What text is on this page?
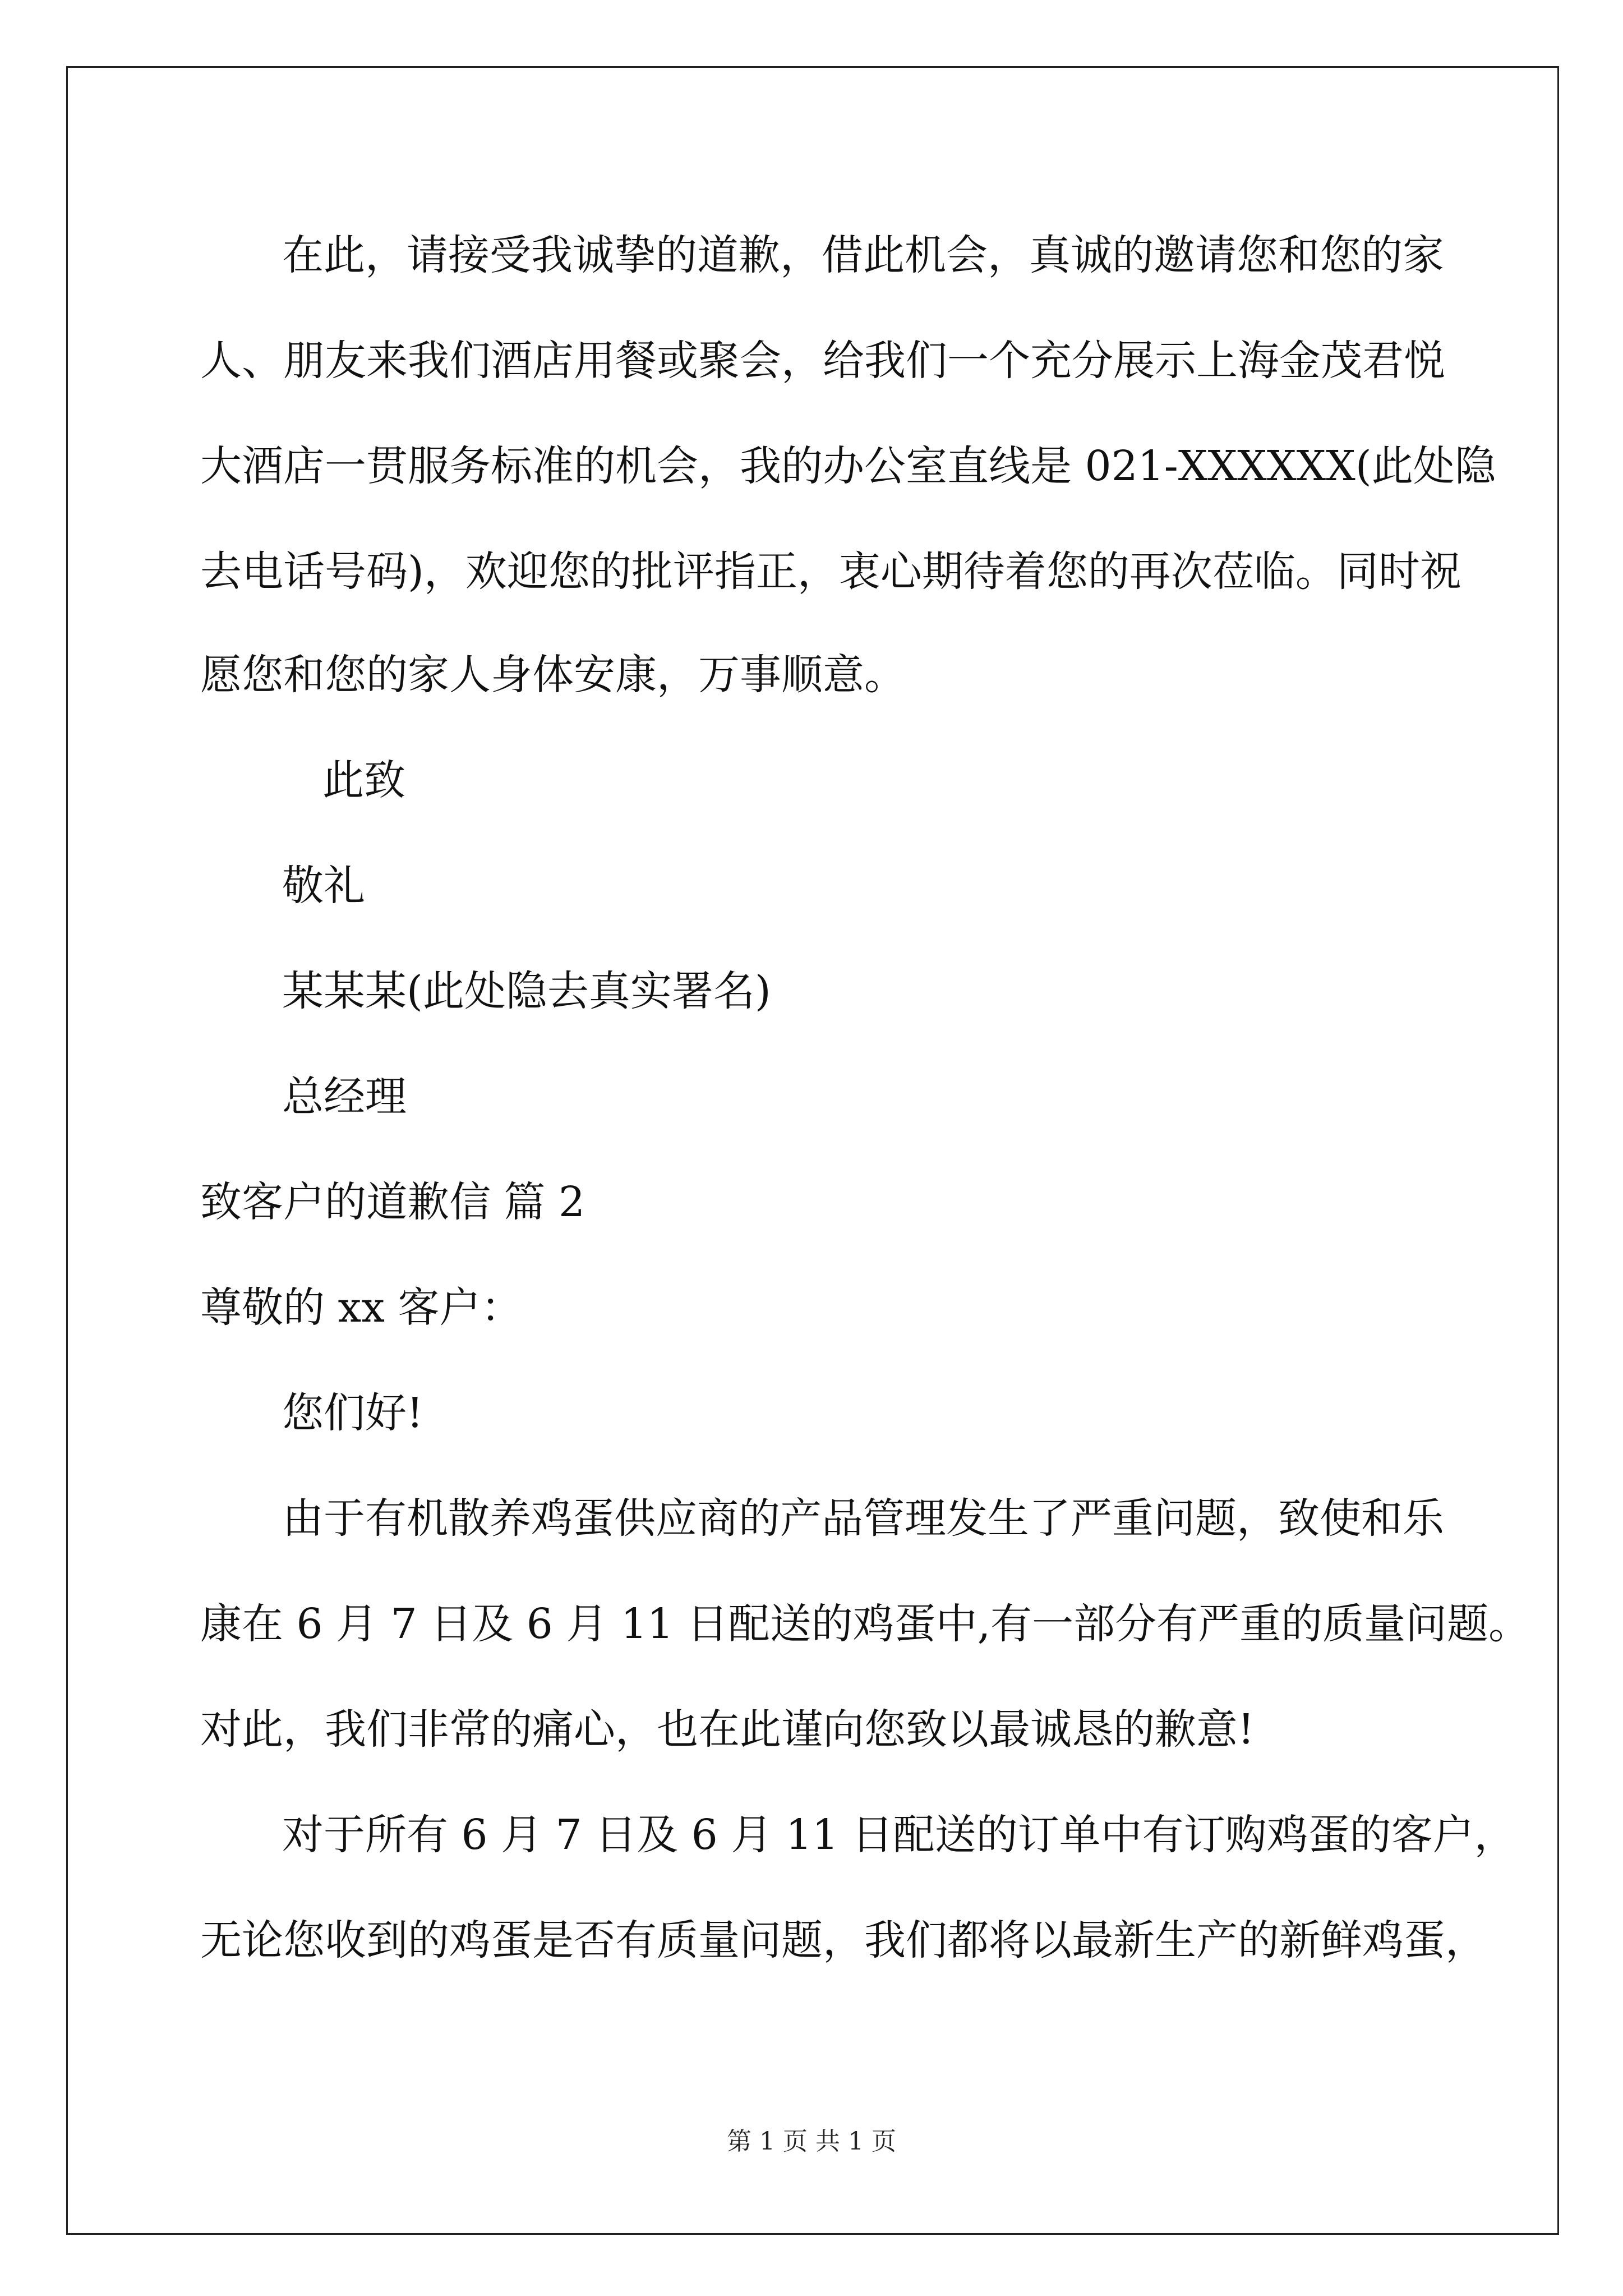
在此，请接受我诚挚的道歉，借此机会，真诚的邀请您和您的家
人、朋友来我们酒店用餐或聚会，给我们一个充分展示上海金茂君悦
大酒店一贯服务标准的机会，我的办公室直线是 021-XXXXXX(此处隐
去电话号码)，欢迎您的批评指正，衷心期待着您的再次莅临。同时祝
愿您和您的家人身体安康，万事顺意。
此致
敬礼
某某某(此处隐去真实署名)
总经理
致客户的道歉信 篇 2
尊敬的 xx 客户：
您们好!
由于有机散养鸡蛋供应商的产品管理发生了严重问题，致使和乐
康在 6 月 7 日及 6 月 11 日配送的鸡蛋中,有一部分有严重的质量问题。
对此，我们非常的痛心，也在此谨向您致以最诚恳的歉意!
对于所有 6 月 7 日及 6 月 11 日配送的订单中有订购鸡蛋的客户，
无论您收到的鸡蛋是否有质量问题，我们都将以最新生产的新鲜鸡蛋，
第 1 页 共 1 页
